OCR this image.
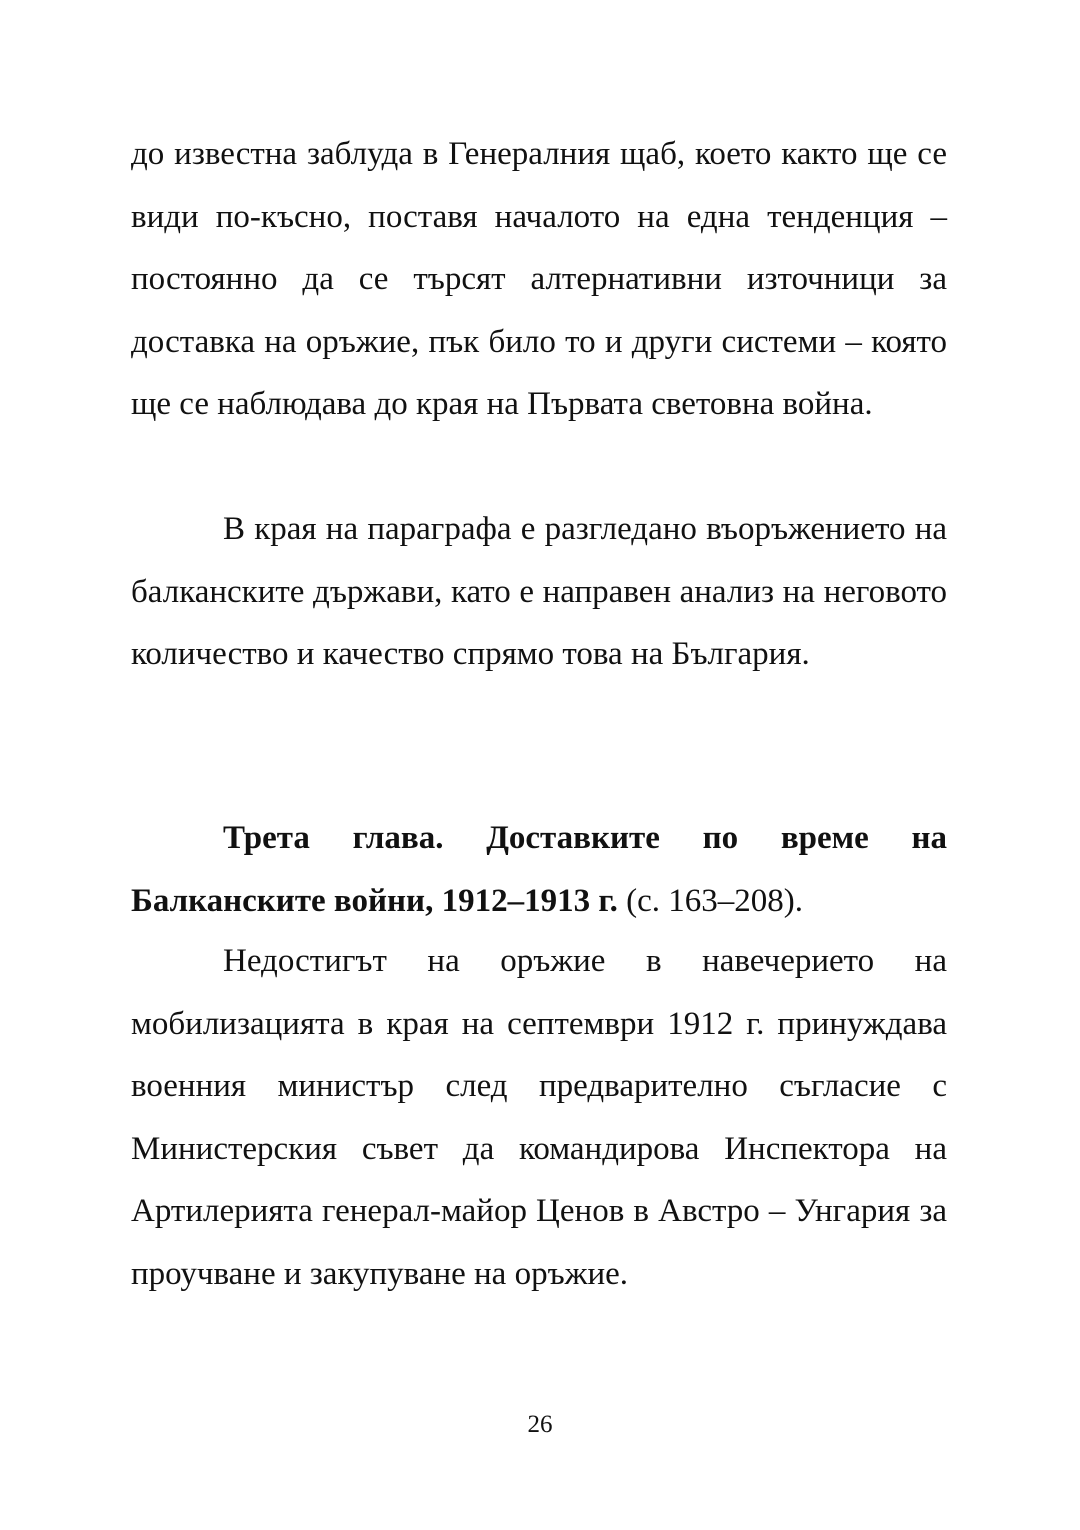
до известна заблуда в Генералния щаб, което както ще се види по-късно, поставя началото на една тенденция – постоянно да се търсят алтернативни източници за доставка на оръжие, пък било то и други системи – която ще се наблюдава до края на Първата световна война.

В края на параграфа е разгледано въоръжението на балканските държави, като е направен анализ на неговото количество и качество спрямо това на България.

Трета глава. Доставките по време на Балканските войни, 1912–1913 г. (с. 163–208).

Недостигът на оръжие в навечерието на мобилизацията в края на септември 1912 г. принуждава военния министър след предварително съгласие с Министерския съвет да командирова Инспектора на Артилерията генерал-майор Ценов в Австро – Унгария за проучване и закупуване на оръжие.

26
